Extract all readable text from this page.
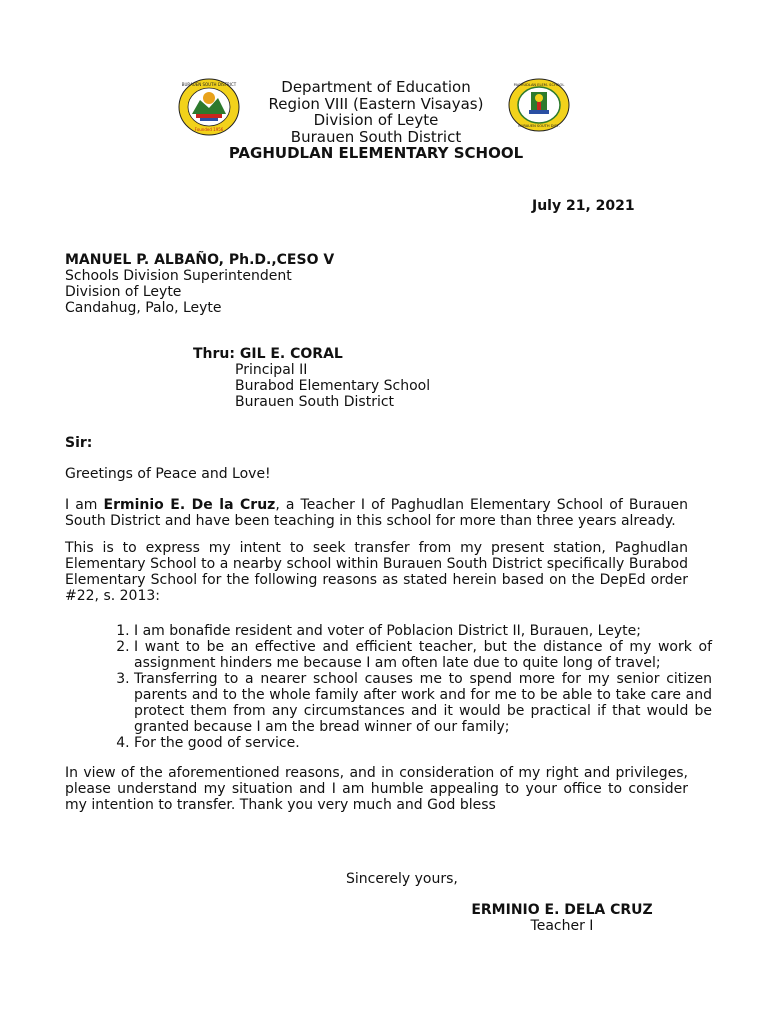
Founded 1956
BURAUEN SOUTH DISTRICT	PAGHUDLAN ELEM. SCHOOL
BURAUEN SOUTH DIST.
Department of Education
Region VIII (Eastern Visayas)
Division of Leyte
Burauen South District
PAGHUDLAN ELEMENTARY SCHOOL
July 21, 2021
MANUEL P. ALBAÑO, Ph.D.,CESO V
Schools Division Superintendent
Division of Leyte
Candahug, Palo, Leyte
Thru: GIL E. CORAL
Principal II
Burabod Elementary School
Burauen South District
Sir:
Greetings of Peace and Love!
I am Erminio E. De la Cruz, a Teacher I of Paghudlan Elementary School of Burauen South District and have been teaching in this school for more than three years already.
This is to express my intent to seek transfer from my present station, Paghudlan Elementary School to a nearby school within Burauen South District specifically Burabod Elementary School for the following reasons as stated herein based on the DepEd order #22, s. 2013:
1. I am bonafide resident and voter of Poblacion District II, Burauen, Leyte;
2. I want to be an effective and efficient teacher, but the distance of my work of assignment hinders me because I am often late due to quite long of travel;
3. Transferring to a nearer school causes me to spend more for my senior citizen parents and to the whole family after work and for me to be able to take care and protect them from any circumstances and it would be practical if that would be granted because I am the bread winner of our family;
4. For the good of service.
In view of the aforementioned reasons, and in consideration of my right and privileges, please understand my situation and I am humble appealing to your office to consider my intention to transfer. Thank you very much and God bless
Sincerely yours,
ERMINIO E. DELA CRUZ
Teacher I
